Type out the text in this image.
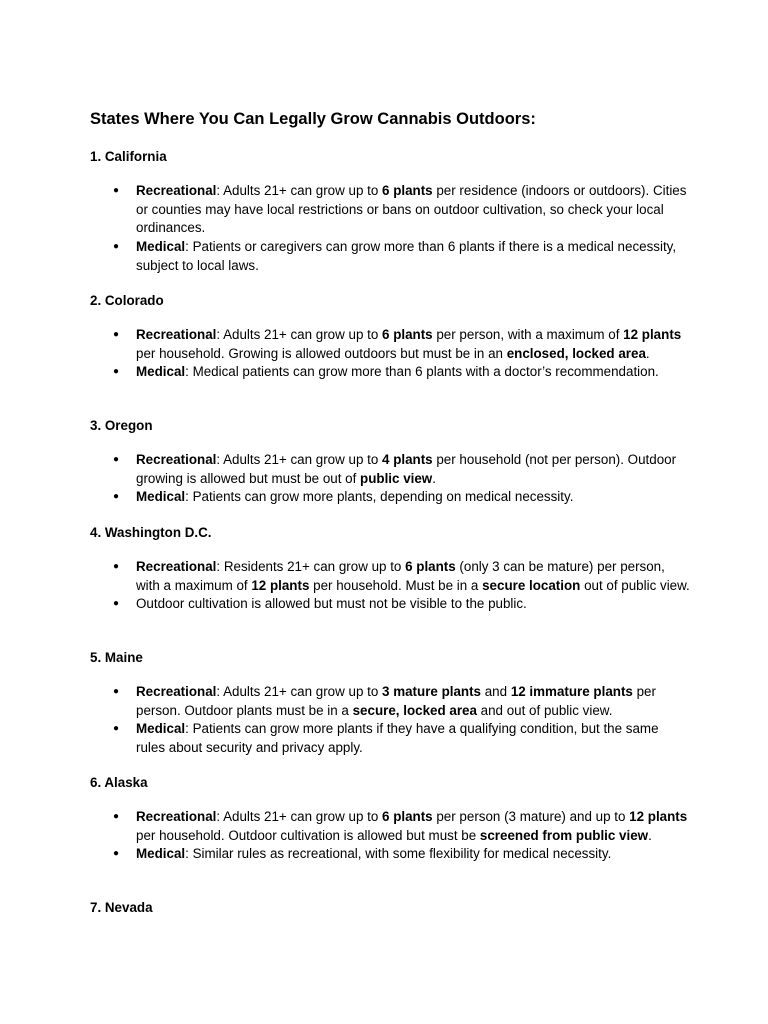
States Where You Can Legally Grow Cannabis Outdoors:
1. California
● Recreational: Adults 21+ can grow up to 6 plants per residence (indoors or outdoors). Cities or counties may have local restrictions or bans on outdoor cultivation, so check your local ordinances.
● Medical: Patients or caregivers can grow more than 6 plants if there is a medical necessity, subject to local laws.
2. Colorado
● Recreational: Adults 21+ can grow up to 6 plants per person, with a maximum of 12 plants per household. Growing is allowed outdoors but must be in an enclosed, locked area.
● Medical: Medical patients can grow more than 6 plants with a doctor’s recommendation.
3. Oregon
● Recreational: Adults 21+ can grow up to 4 plants per household (not per person). Outdoor growing is allowed but must be out of public view.
● Medical: Patients can grow more plants, depending on medical necessity.
4. Washington D.C.
● Recreational: Residents 21+ can grow up to 6 plants (only 3 can be mature) per person, with a maximum of 12 plants per household. Must be in a secure location out of public view.
● Outdoor cultivation is allowed but must not be visible to the public.
5. Maine
● Recreational: Adults 21+ can grow up to 3 mature plants and 12 immature plants per person. Outdoor plants must be in a secure, locked area and out of public view.
● Medical: Patients can grow more plants if they have a qualifying condition, but the same rules about security and privacy apply.
6. Alaska
● Recreational: Adults 21+ can grow up to 6 plants per person (3 mature) and up to 12 plants per household. Outdoor cultivation is allowed but must be screened from public view.
● Medical: Similar rules as recreational, with some flexibility for medical necessity.
7. Nevada
